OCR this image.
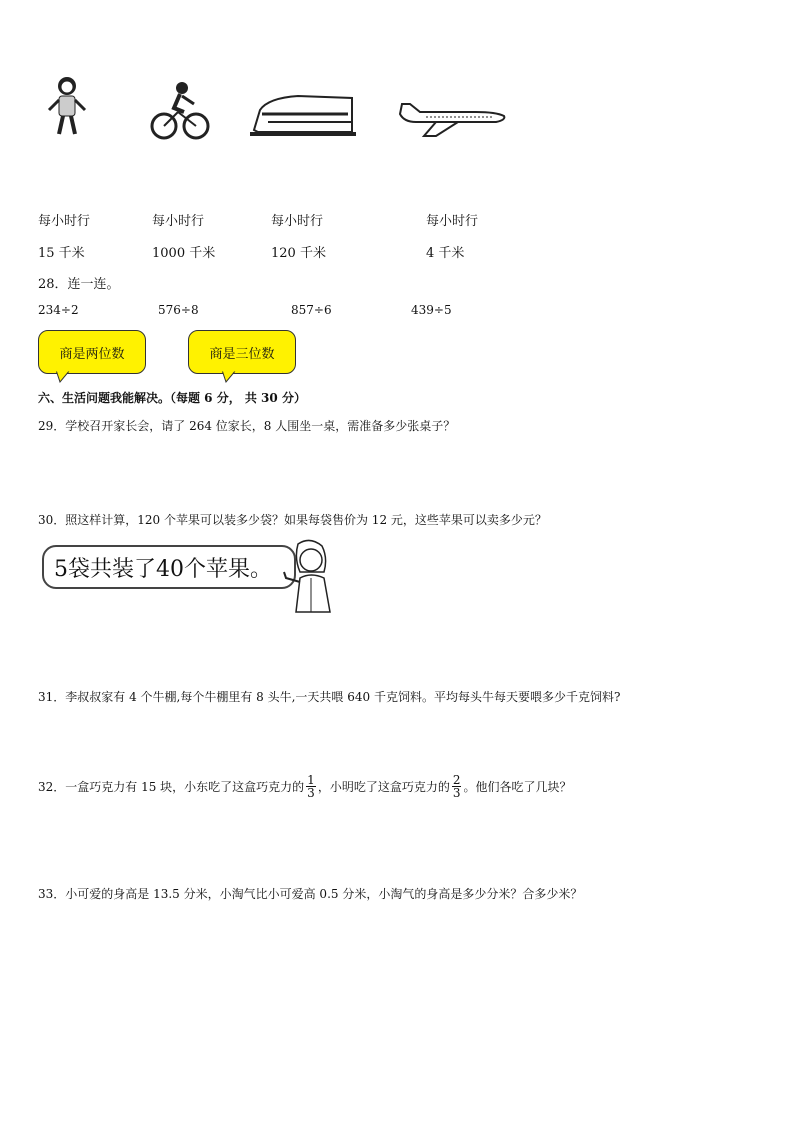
每小时行	每小时行	每小时行	每小时行
15 千米	1000 千米	120 千米	4 千米
28．连一连。
234÷2	576÷8	857÷6	439÷5
商是两位数	商是三位数
六、生活问题我能解决。（每题 6 分， 共 30 分）
29．学校召开家长会，请了 264 位家长，8 人围坐一桌，需准备多少张桌子？
30．照这样计算，120 个苹果可以装多少袋？如果每袋售价为 12 元，这些苹果可以卖多少元？
5袋共装了40个苹果。
31．李叔叔家有 4 个牛棚,每个牛棚里有 8 头牛,一天共喂 640 千克饲料。平均每头牛每天要喂多少千克饲料?
32．一盒巧克力有 15 块，小东吃了这盒巧克力的 $\frac{1}{3}$ ，小明吃了这盒巧克力的 $\frac{2}{3}$ 。他们各吃了几块？
33．小可爱的身高是 13.5 分米，小淘气比小可爱高 0.5 分米，小淘气的身高是多少分米？合多少米？
